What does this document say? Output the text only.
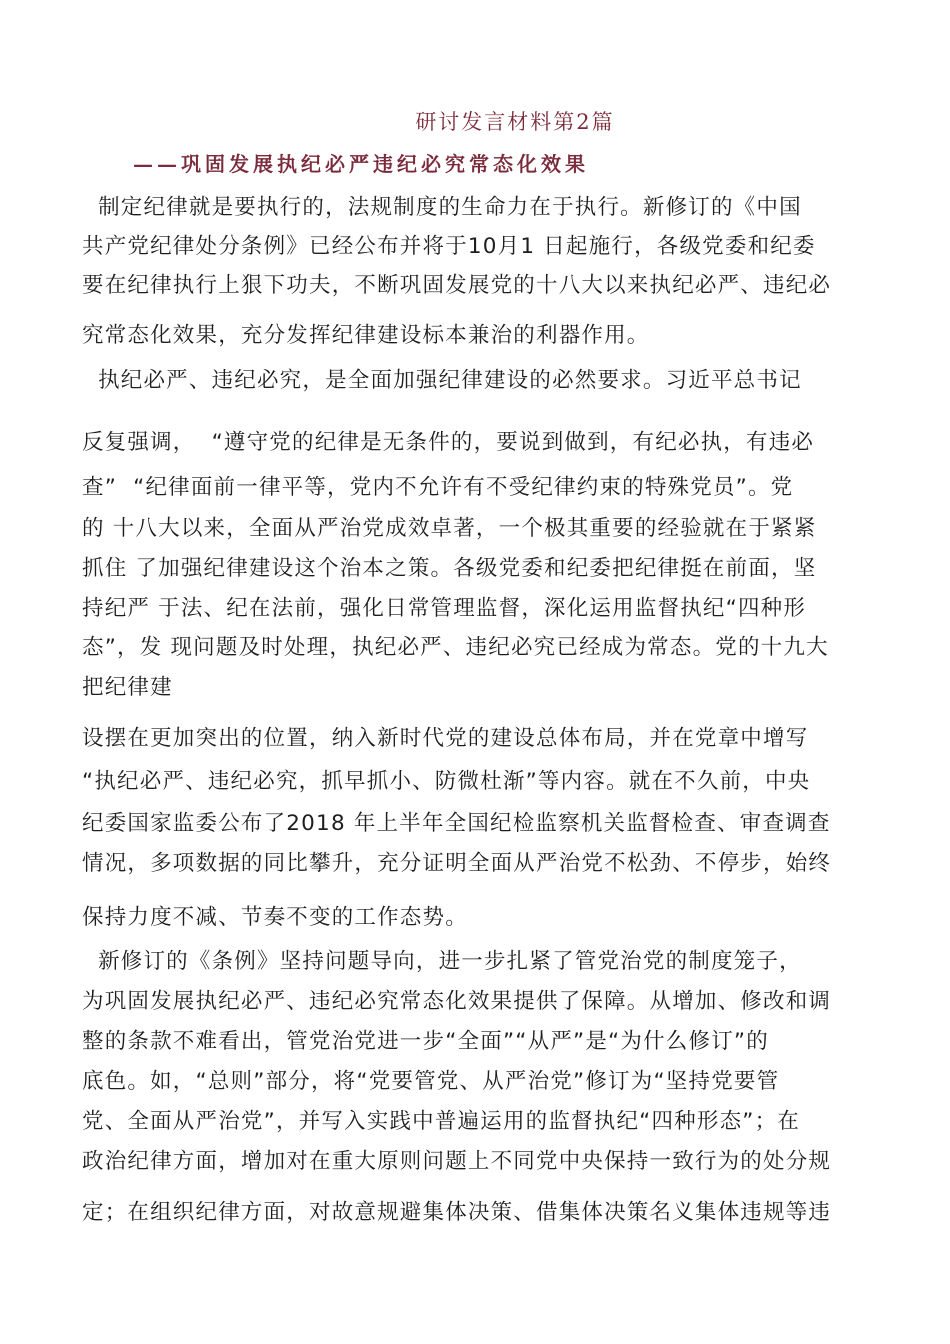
研讨发言材料第2篇
——巩固发展执纪必严违纪必究常态化效果
制定纪律就是要执行的，法规制度的生命力在于执行。新修订的《中国
共产党纪律处分条例》已经公布并将于10月1 日起施行，各级党委和纪委
要在纪律执行上狠下功夫，不断巩固发展党的十八大以来执纪必严、违纪必
究常态化效果，充分发挥纪律建设标本兼治的利器作用。
执纪必严、违纪必究，是全面加强纪律建设的必然要求。习近平总书记
反复强调，  “遵守党的纪律是无条件的，要说到做到，有纪必执，有违必
查”  “纪律面前一律平等，党内不允许有不受纪律约束的特殊党员”。党
的 十八大以来，全面从严治党成效卓著，一个极其重要的经验就在于紧紧
抓住 了加强纪律建设这个治本之策。各级党委和纪委把纪律挺在前面，坚
持纪严 于法、纪在法前，强化日常管理监督，深化运用监督执纪“四种形
态”，发 现问题及时处理，执纪必严、违纪必究已经成为常态。党的十九大
把纪律建
设摆在更加突出的位置，纳入新时代党的建设总体布局，并在党章中增写
“执纪必严、违纪必究，抓早抓小、防微杜渐”等内容。就在不久前，中央
纪委国家监委公布了2018 年上半年全国纪检监察机关监督检查、审查调查
情况，多项数据的同比攀升，充分证明全面从严治党不松劲、不停步，始终
保持力度不减、节奏不变的工作态势。
新修订的《条例》坚持问题导向，进一步扎紧了管党治党的制度笼子，
为巩固发展执纪必严、违纪必究常态化效果提供了保障。从增加、修改和调
整的条款不难看出，管党治党进一步“全面”“从严”是“为什么修订”的
底色。如，“总则”部分，将“党要管党、从严治党”修订为“坚持党要管
党、全面从严治党”，并写入实践中普遍运用的监督执纪“四种形态”；在
政治纪律方面，增加对在重大原则问题上不同党中央保持一致行为的处分规
定；在组织纪律方面，对故意规避集体决策、借集体决策名义集体违规等违
